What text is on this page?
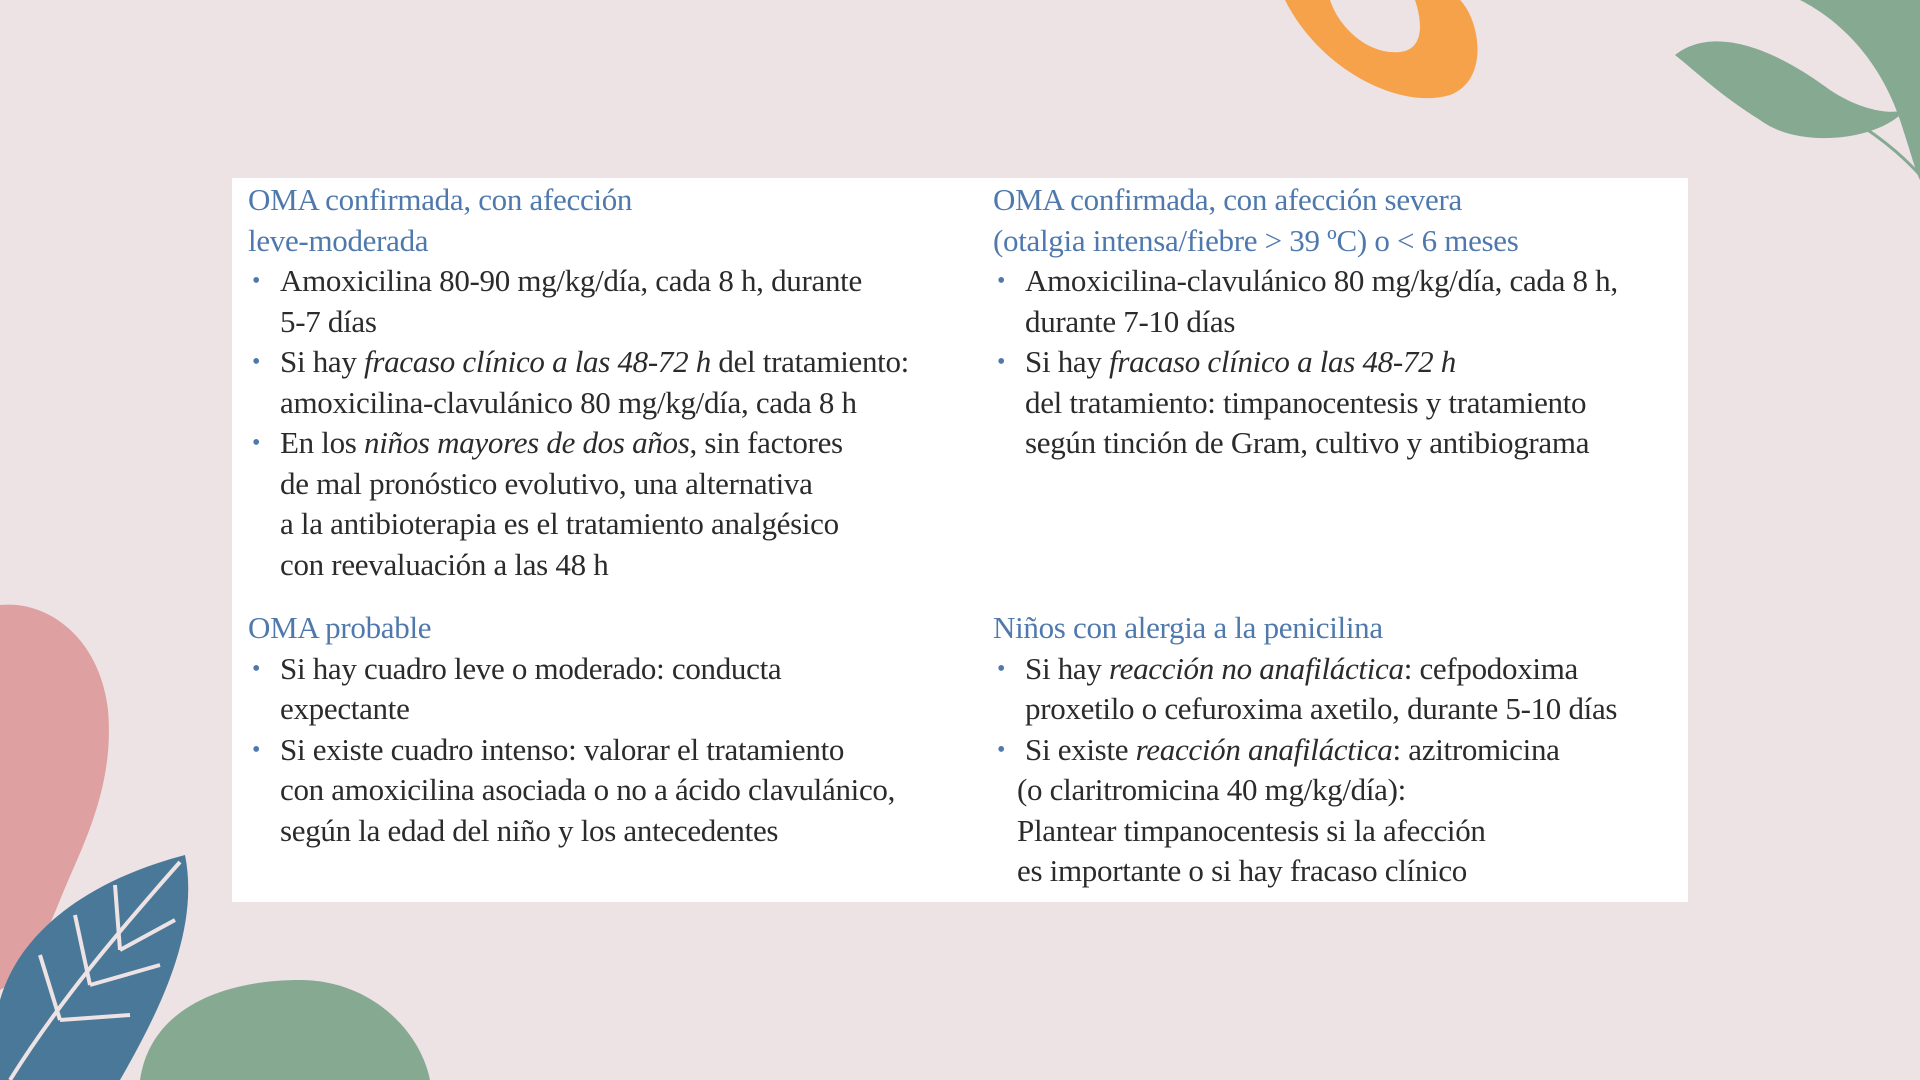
OMA confirmada, con afección
leve-moderada
• Amoxicilina 80-90 mg/kg/día, cada 8 h, durante
5-7 días
• Si hay fracaso clínico a las 48-72 h del tratamiento:
amoxicilina-clavulánico 80 mg/kg/día, cada 8 h
• En los niños mayores de dos años, sin factores
de mal pronóstico evolutivo, una alternativa
a la antibioterapia es el tratamiento analgésico
con reevaluación a las 48 h
OMA confirmada, con afección severa
(otalgia intensa/fiebre > 39 ºC) o < 6 meses
• Amoxicilina-clavulánico 80 mg/kg/día, cada 8 h,
durante 7-10 días
• Si hay fracaso clínico a las 48-72 h
del tratamiento: timpanocentesis y tratamiento
según tinción de Gram, cultivo y antibiograma
OMA probable
• Si hay cuadro leve o moderado: conducta
expectante
• Si existe cuadro intenso: valorar el tratamiento
con amoxicilina asociada o no a ácido clavulánico,
según la edad del niño y los antecedentes
Niños con alergia a la penicilina
• Si hay reacción no anafiláctica: cefpodoxima
proxetilo o cefuroxima axetilo, durante 5-10 días
• Si existe reacción anafiláctica: azitromicina
(o claritromicina 40 mg/kg/día):
Plantear timpanocentesis si la afección
es importante o si hay fracaso clínico
